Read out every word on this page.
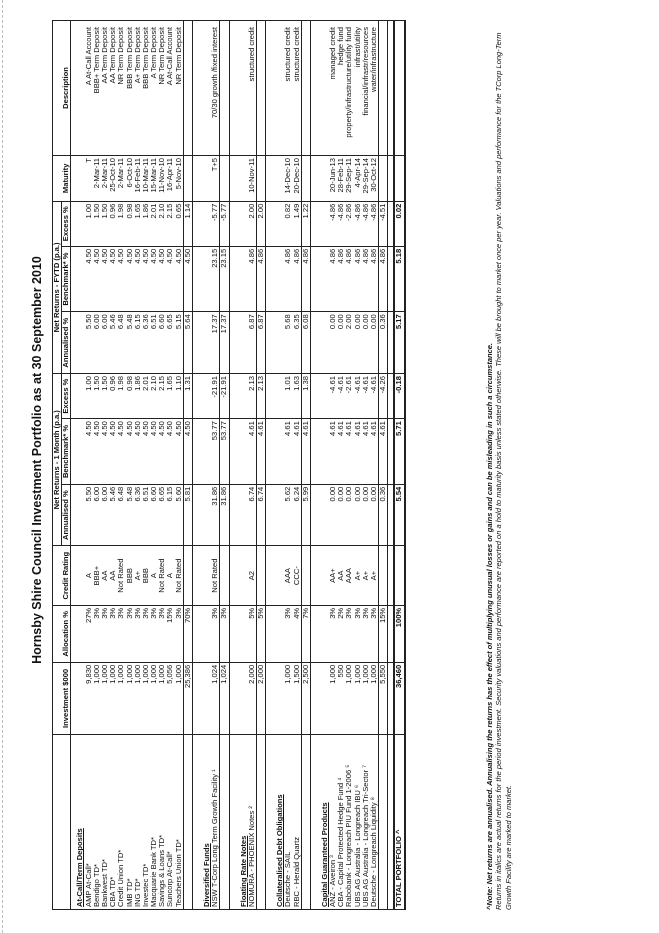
Hornsby Shire Council Investment Portfolio as at 30 September 2010
	Investment $000	Allocation %	Credit Rating	Net Returns - 1 Month (p.a.)			Net Returns - FYTD (p.a.)			Maturity	Description
				Annualised %	Benchmark* %	Excess %	Annualised %	Benchmark* %	Excess %		
At-Call/Term Deposits											
AMP At-Call*	9,830	27%	A	5.50	4.50	1.00	5.50	4.50	1.00	T	A At-Call Account
Bendigo TD*	1,000	3%	BBB+	6.00	4.50	1.50	6.00	4.50	1.50	2-Mar-11	BBB+ Term Deposit
Bankwest TD*	1,000	3%	AA	6.00	4.50	1.50	6.00	4.50	1.50	2-Mar-11	AA Term Deposit
CBA TD*	1,000	3%	AA	5.46	4.50	0.96	5.46	4.50	0.96	25-Oct-10	AA Term Deposit
Credit Union TD*	1,000	3%	Not Rated	6.48	4.50	1.98	6.48	4.50	1.98	2-Mar-11	NR Term Deposit
IMB TD*	1,000	3%	BBB	5.48	4.50	0.98	5.48	4.50	0.98	6-Oct-10	BBB Term Deposit
ING TD*	1,000	3%	A+	6.36	4.50	1.86	6.15	4.50	1.65	16-Feb-11	A+ Term Deposit
Investec TD*	1,000	3%	BBB	6.51	4.50	2.01	6.36	4.50	1.86	10-Mar-11	BBB Term Deposit
Macquarie Bank TD*	1,000	3%	A	6.60	4.50	2.10	6.51	4.50	2.01	15-Mar-11	A Term Deposit
Savings & Loans TD*	1,000	3%	Not Rated	6.65	4.50	2.15	6.60	4.50	2.10	11-Nov-10	NR Term Deposit
Suncorp At-Call*	5,056	15%	A	6.15	4.50	1.65	6.65	4.50	2.15	16-Apr-11	A At-Call Account
Teachers Union TD*	1,000	3%	Not Rated	5.60	4.50	1.10	5.15	4.50	0.65	5-Nov-10	NR Term Deposit
	25,386	70%		5.81	4.50	1.31	5.64	4.50	1.14		

Diversified Funds											
NSW T-Corp Long Term Growth Facility ¹	1,024	3%	Not Rated	31.86	53.77	-21.91	17.37	23.15	-5.77	T+5	70/30 growth /fixed interest
	1,024	3%		31.86	53.77	-21.91	17.37	23.15	-5.77		

Floating Rate Notes											
NOMURA - PHOENIX Notes ²	2,000	5%	A2	6.74	4.61	2.13	6.87	4.86	2.00	10-Nov-11	structured credit
	2,000	5%		6.74	4.61	2.13	6.87	4.86	2.00		

Collateralised Debt Obligations											
Deutsche - SAIL	1,000	3%	AAA	5.62	4.61	1.01	5.68	4.86	0.82	14-Dec-10	structured credit
RBC - Herald Quartz	1,500	4%	CCC-	6.24	4.61	1.63	6.35	4.86	1.49	20-Dec-10	structured credit
	2,500	7%		5.99	4.61	1.38	6.08	4.86	1.22		

Capital Guaranteed Products											
ANZ - Aveiron ³	1,000	3%	AA+	0.00	4.61	-4.61	0.00	4.86	-4.86	20-Jun-13	managed credit
CBA - Capital Protected Hedge Fund ⁴	550	2%	AA	0.00	4.61	-4.61	0.00	4.86	-4.86	28-Feb-11	hedge fund
Rabobank - Longreach PIU Fund 1-2006 ⁵	1,000	3%	AAA	0.00	4.61	-2.61	2.00	4.86	-2.86	29-Sep-11	property/infrastructure/utility fund
UBS AG Australia - Longreach IBU ⁶	1,000	3%	A+	0.00	4.61	-4.61	0.00	4.86	-4.86	4-Apr-14	infrast/utility
UBS AG Australia - Longreach Tri-Sector ⁷	1,000	3%	A+	0.00	4.61	-4.61	0.00	4.86	-4.86	29-Sep-14	financial/infrastr/resources
Deutsche - Longreach Liquidity ⁸	1,000	3%	A+	0.00	4.61	-4.61	0.00	4.86	-4.86	30-Oct-12	water/infrastructure
	5,550	15%		0.36	4.61	-4.26	0.36	4.86	-4.51		

TOTAL PORTFOLIO ^	36,460	100%		5.54	5.71	-0.18	5.17	5.18	0.02		
^Note: Net returns are annualised. Annualising the returns has the effect of multiplying unusual losses or gains and can be misleading in such a circumstance. Returns in italics are actual returns for the period investment. Security valuations and performance are reported on a hold to maturity basis unless stated otherwise. These will be brought to market once per year. Valuations and performance for the TCorp Long-Term Growth Facility are marked to market.
